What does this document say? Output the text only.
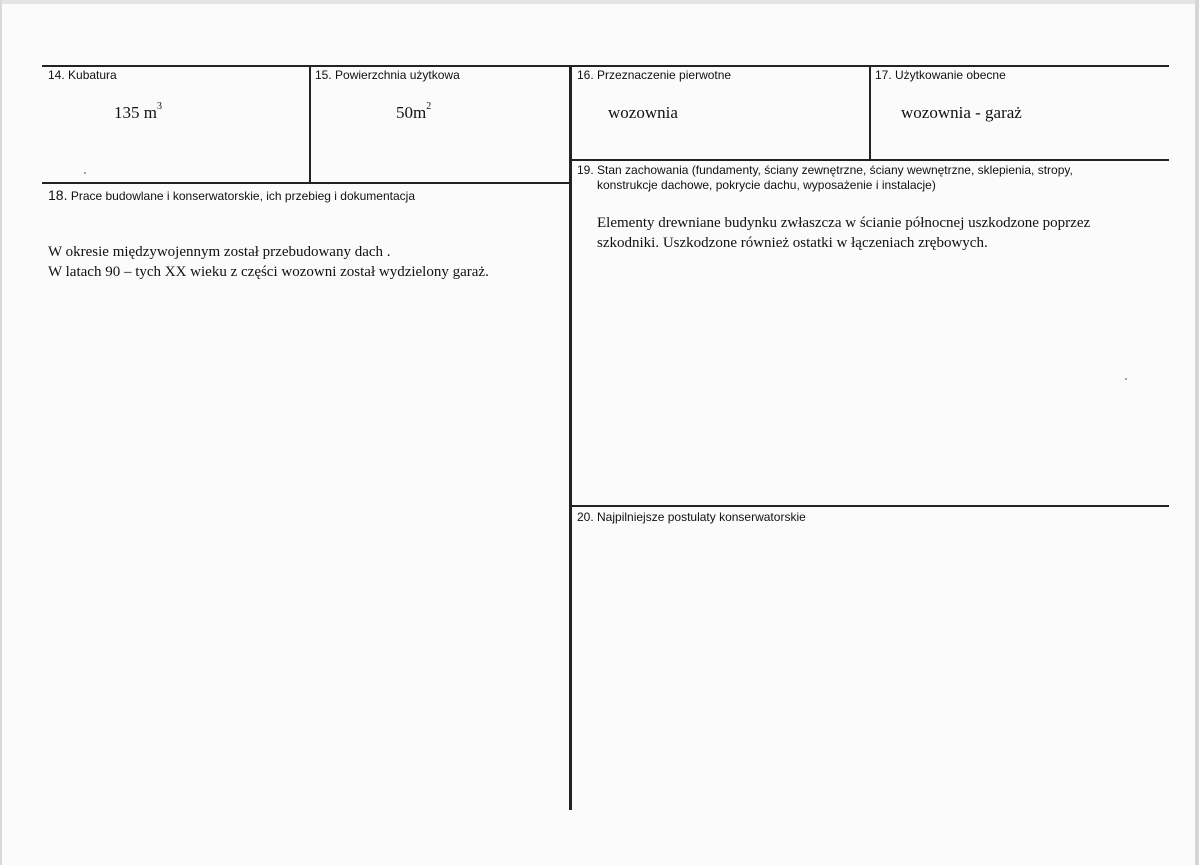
14. Kubatura
135 $m^3$
15. Powierzchnia użytkowa
$50m^2$
16. Przeznaczenie pierwotne
wozownia
17. Użytkowanie obecne
wozownia - garaż
18. Prace budowlane i konserwatorskie, ich przebieg i dokumentacja
W okresie międzywojennym został przebudowany dach .
W latach 90 – tych XX wieku z części wozowni został wydzielony garaż.
19. Stan zachowania (fundamenty, ściany zewnętrzne, ściany wewnętrzne, sklepienia, stropy,
konstrukcje dachowe, pokrycie dachu, wyposażenie i instalacje)
Elementy drewniane budynku zwłaszcza w ścianie północnej uszkodzone poprzez
szkodniki. Uszkodzone również ostatki w łączeniach zrębowych.
20. Najpilniejsze postulaty konserwatorskie
